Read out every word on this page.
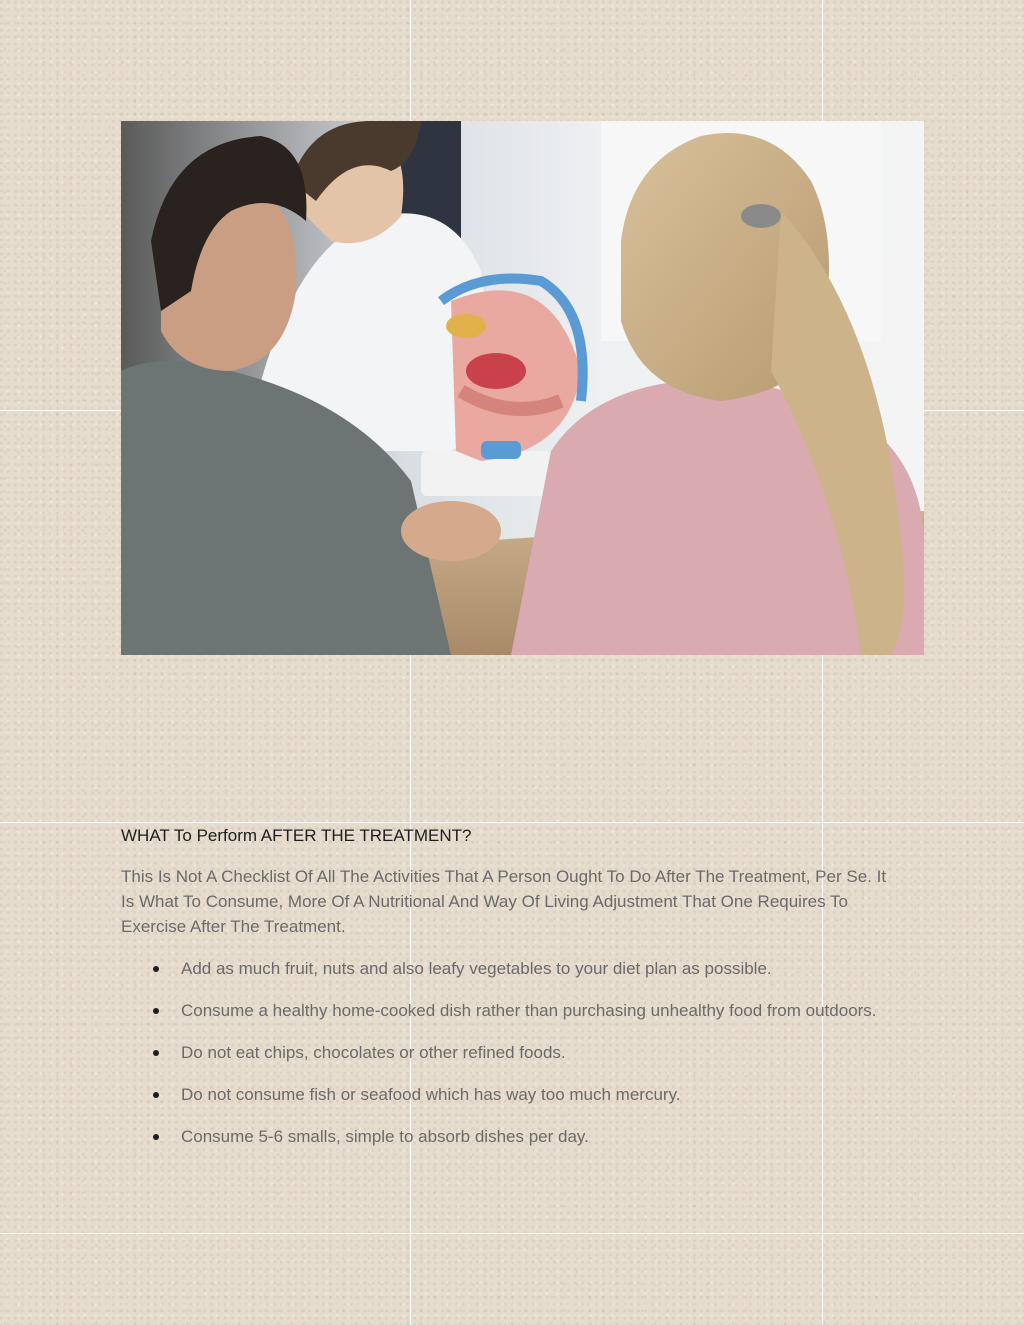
WHAT To Perform AFTER THE TREATMENT?

This Is Not A Checklist Of All The Activities That A Person Ought To Do After The Treatment, Per Se. It Is What To Consume, More Of A Nutritional And Way Of Living Adjustment That One Requires To Exercise After The Treatment.

Add as much fruit, nuts and also leafy vegetables to your diet plan as possible.
Consume a healthy home-cooked dish rather than purchasing unhealthy food from outdoors.
Do not eat chips, chocolates or other refined foods.
Do not consume fish or seafood which has way too much mercury.
Consume 5-6 smalls, simple to absorb dishes per day.
